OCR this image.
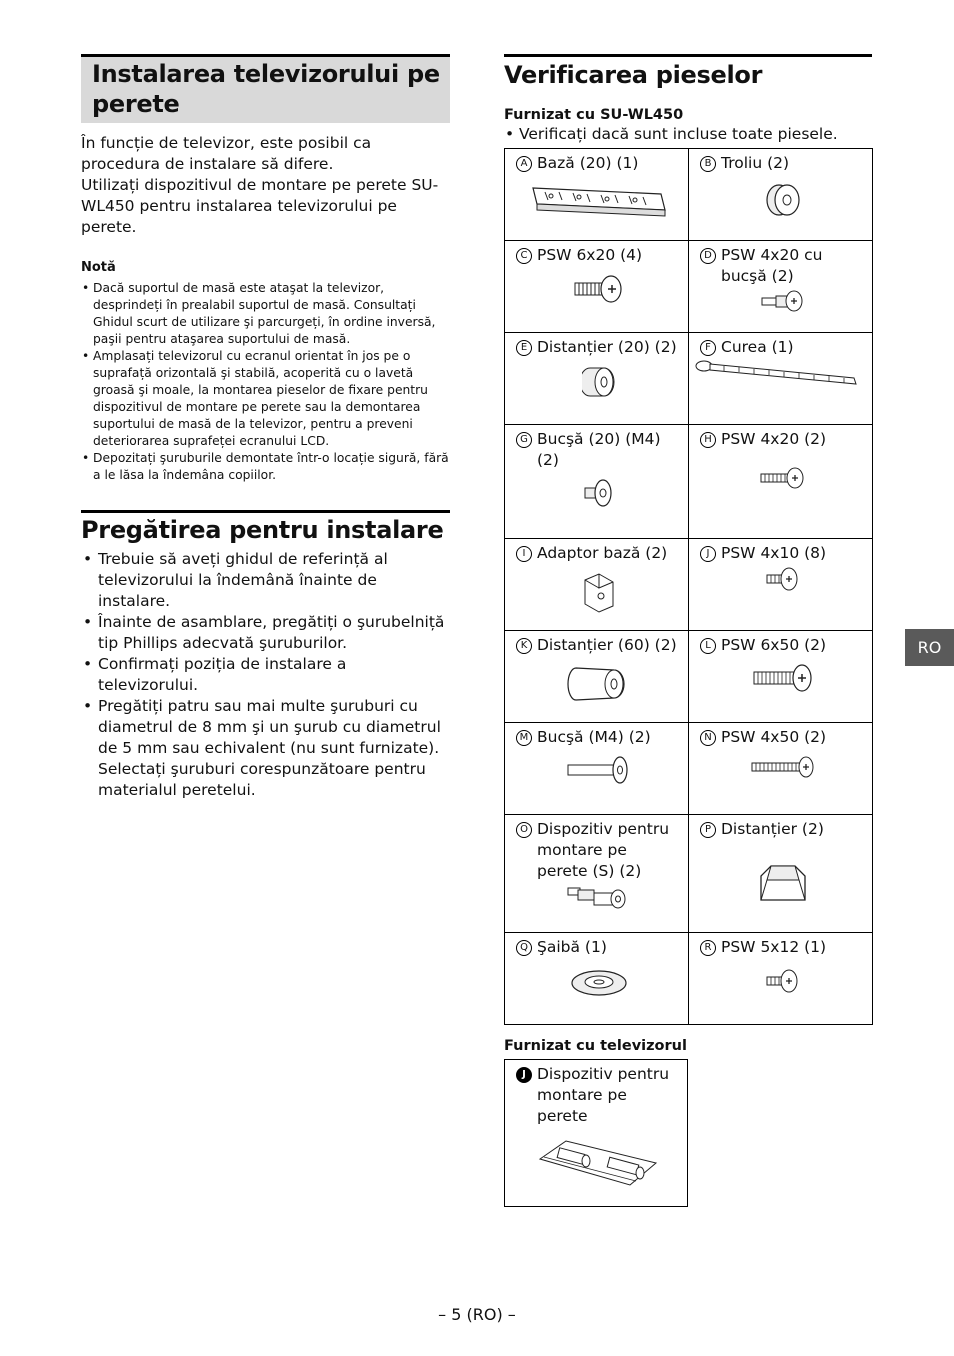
Instalarea televizorului pe perete

În funcție de televizor, este posibil ca procedura de instalare să difere.

Utilizați dispozitivul de montare pe perete SU-WL450 pentru instalarea televizorului pe perete.

Notă
• Dacă suportul de masă este ataşat la televizor, desprindeți în prealabil suportul de masă. Consultați Ghidul scurt de utilizare şi parcurgeți, în ordine inversă, paşii pentru ataşarea suportului de masă.
• Amplasați televizorul cu ecranul orientat în jos pe o suprafață orizontală şi stabilă, acoperită cu o lavetă groasă şi moale, la montarea pieselor de fixare pentru dispozitivul de montare pe perete sau la demontarea suportului de masă de la televizor, pentru a preveni deteriorarea suprafeței ecranului LCD.
• Depozitați şuruburile demontate într-o locație sigură, fără a le lăsa la îndemâna copiilor.
Pregătirea pentru instalare
• Trebuie să aveți ghidul de referință al televizorului la îndemână înainte de instalare.
• Înainte de asamblare, pregătiți o şurubelniță tip Phillips adecvată şuruburilor.
• Confirmați poziția de instalare a televizorului.
• Pregătiți patru sau mai multe şuruburi cu diametrul de 8 mm şi un şurub cu diametrul de 5 mm sau echivalent (nu sunt furnizate). Selectați şuruburi corespunzătoare pentru materialul peretelui.
Verificarea pieselor
Furnizat cu SU-WL450
• Verificați dacă sunt incluse toate piesele.
A Bază (20) (1)	B Troliu (2)

C PSW 6x20 (4)	D PSW 4x20 cu bucşă (2)

E Distanțier (20) (2)	F Curea (1)

G Bucşă (20) (M4) (2)	H PSW 4x20 (2)

I Adaptor bază (2)	J PSW 4x10 (8)

K Distanțier (60) (2)	L PSW 6x50 (2)

M Bucşă (M4) (2)	N PSW 4x50 (2)

O Dispozitiv pentru montare pe perete (S) (2)	P Distanțier (2)

Q Şaibă (1)	R PSW 5x12 (1)
Furnizat cu televizorul
J Dispozitiv pentru montare pe perete
RO
– 5 (RO) –
